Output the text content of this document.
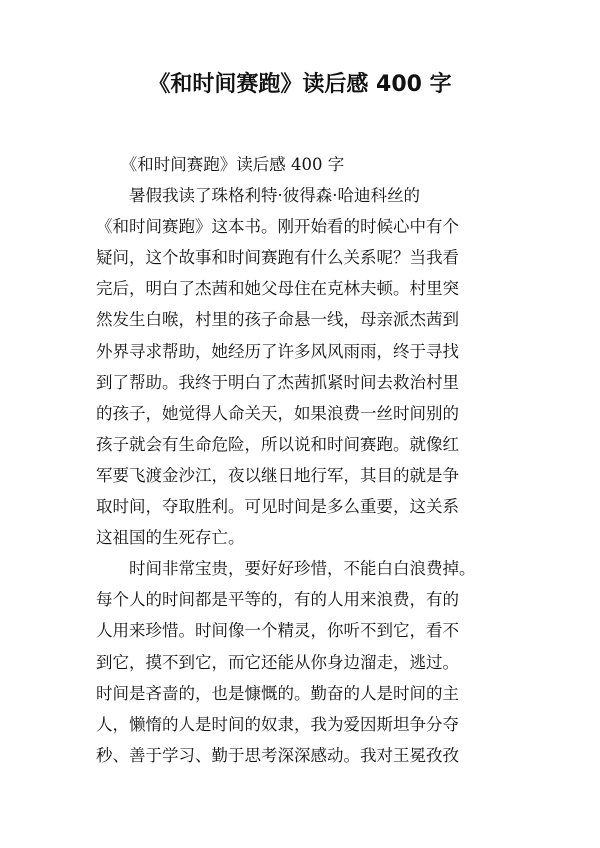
《和时间赛跑》读后感 400 字
　　《和时间赛跑》读后感 400 字
　　暑假我读了珠格利特·彼得森·哈迪科丝的
《和时间赛跑》这本书。刚开始看的时候心中有个
疑问，这个故事和时间赛跑有什么关系呢？当我看
完后，明白了杰茜和她父母住在克林夫顿。村里突
然发生白喉，村里的孩子命悬一线，母亲派杰茜到
外界寻求帮助，她经历了许多风风雨雨，终于寻找
到了帮助。我终于明白了杰茜抓紧时间去救治村里
的孩子，她觉得人命关天，如果浪费一丝时间别的
孩子就会有生命危险，所以说和时间赛跑。就像红
军要飞渡金沙江，夜以继日地行军，其目的就是争
取时间，夺取胜利。可见时间是多么重要，这关系
这祖国的生死存亡。
　　时间非常宝贵，要好好珍惜，不能白白浪费掉。
每个人的时间都是平等的，有的人用来浪费，有的
人用来珍惜。时间像一个精灵，你听不到它，看不
到它，摸不到它，而它还能从你身边溜走，逃过。
时间是吝啬的，也是慷慨的。勤奋的人是时间的主
人，懒惰的人是时间的奴隶，我为爱因斯坦争分夺
秒、善于学习、勤于思考深深感动。我对王冕孜孜
